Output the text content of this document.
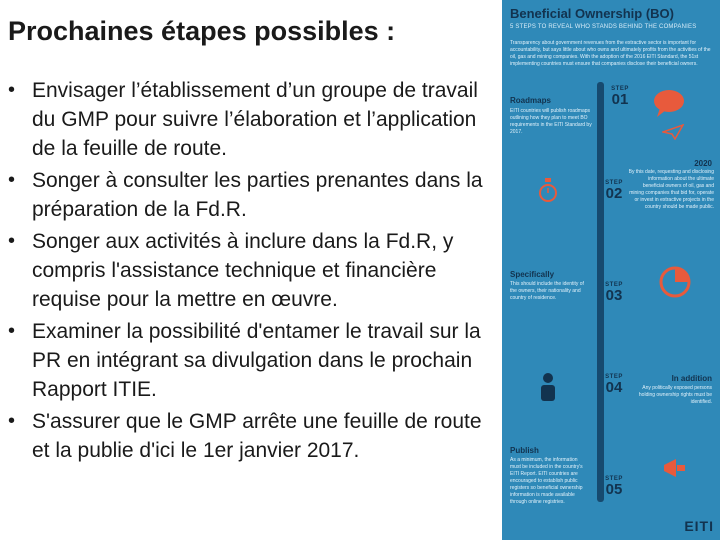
Prochaines étapes possibles :
• Envisager l’établissement d’un groupe de travail du GMP pour suivre l’élaboration et l’application de la feuille de route.
• Songer à consulter les parties prenantes dans la préparation de la Fd.R.
• Songer aux activités à inclure dans la Fd.R, y compris l'assistance technique et financière requise pour la mettre en œuvre.
• Examiner la possibilité d'entamer le travail sur la PR en intégrant sa divulgation dans le prochain Rapport ITIE.
• S'assurer que le GMP arrête une feuille de route et la publie d'ici le 1er janvier 2017.
Beneficial Ownership (BO)
5 STEPS TO REVEAL WHO STANDS BEHIND THE COMPANIES
Transparency about government revenues from the extractive sector is important for accountability, but says little about who owns and ultimately profits from the activities of the oil, gas and mining companies. With the adoption of the 2016 EITI Standard, the 51st implementing countries must ensure that companies disclose their beneficial owners.
STEP
01
STEP
02
STEP
03
STEP
04
STEP
05
Roadmaps
EITI countries will publish roadmaps outlining how they plan to meet BO requirements in the EITI Standard by 2017.
2020
By this date, requesting and disclosing information about the ultimate beneficial owners of oil, gas and mining companies that bid for, operate or invest in extractive projects in the country should be made public.
Specifically
This should include the identity of the owners, their nationality and country of residence.
In addition
Any politically exposed persons holding ownership rights must be identified.
Publish
As a minimum, the information must be included in the country's EITI Report. EITI countries are encouraged to establish public registers so beneficial ownership information is made available through online registries.
EITI
